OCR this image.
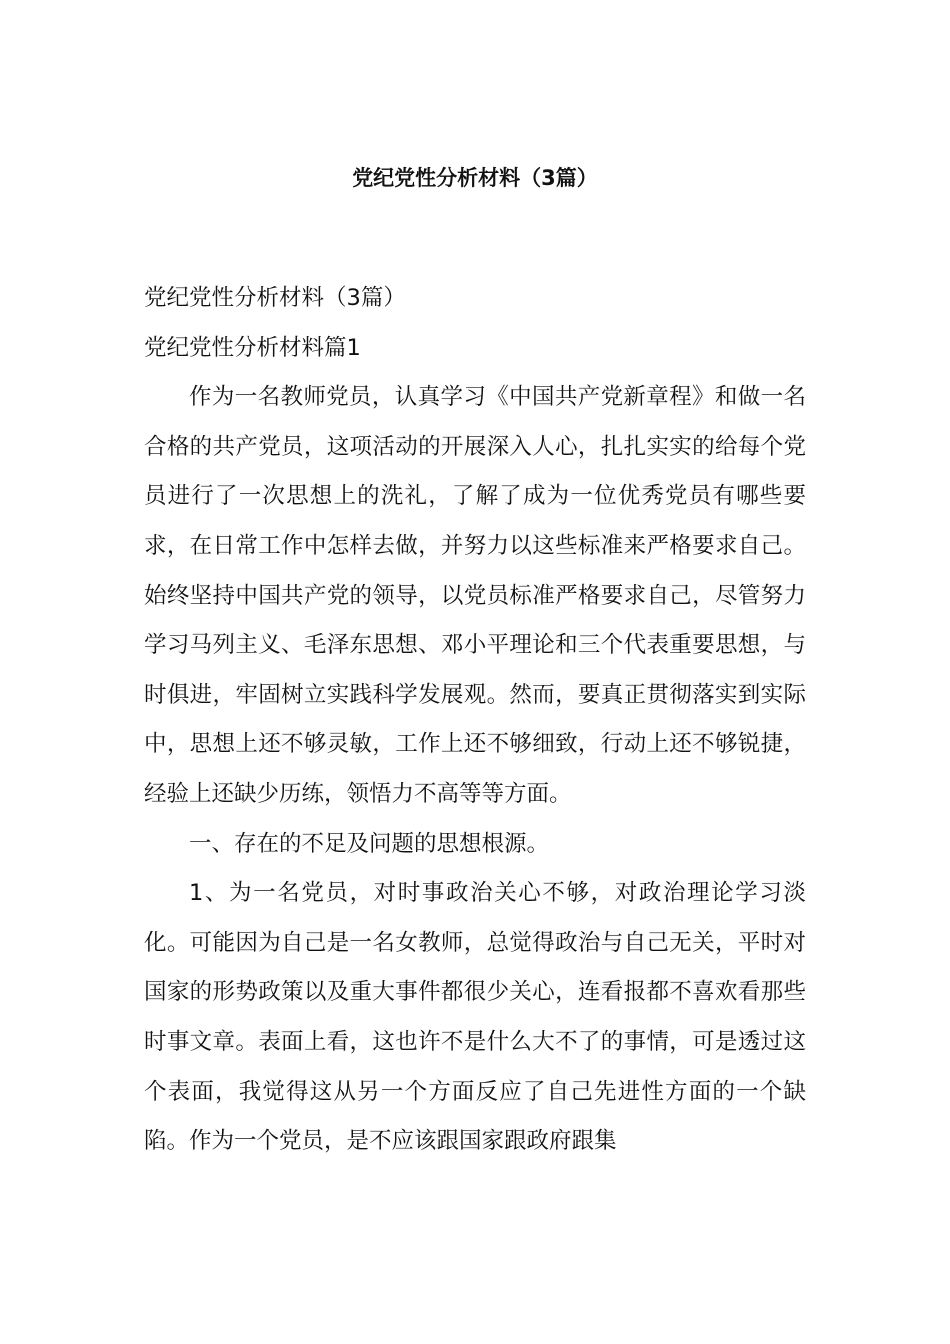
党纪党性分析材料（3篇）

党纪党性分析材料（3篇）

党纪党性分析材料篇1

作为一名教师党员，认真学习《中国共产党新章程》和做一名合格的共产党员，这项活动的开展深入人心，扎扎实实的给每个党员进行了一次思想上的洗礼，了解了成为一位优秀党员有哪些要求，在日常工作中怎样去做，并努力以这些标准来严格要求自己。始终坚持中国共产党的领导，以党员标准严格要求自己，尽管努力学习马列主义、毛泽东思想、邓小平理论和三个代表重要思想，与时俱进，牢固树立实践科学发展观。然而，要真正贯彻落实到实际中，思想上还不够灵敏，工作上还不够细致，行动上还不够锐捷，经验上还缺少历练，领悟力不高等等方面。

一、存在的不足及问题的思想根源。

1、为一名党员，对时事政治关心不够，对政治理论学习淡化。可能因为自己是一名女教师，总觉得政治与自己无关，平时对国家的形势政策以及重大事件都很少关心，连看报都不喜欢看那些时事文章。表面上看，这也许不是什么大不了的事情，可是透过这个表面，我觉得这从另一个方面反应了自己先进性方面的一个缺陷。作为一个党员，是不应该跟国家跟政府跟集
